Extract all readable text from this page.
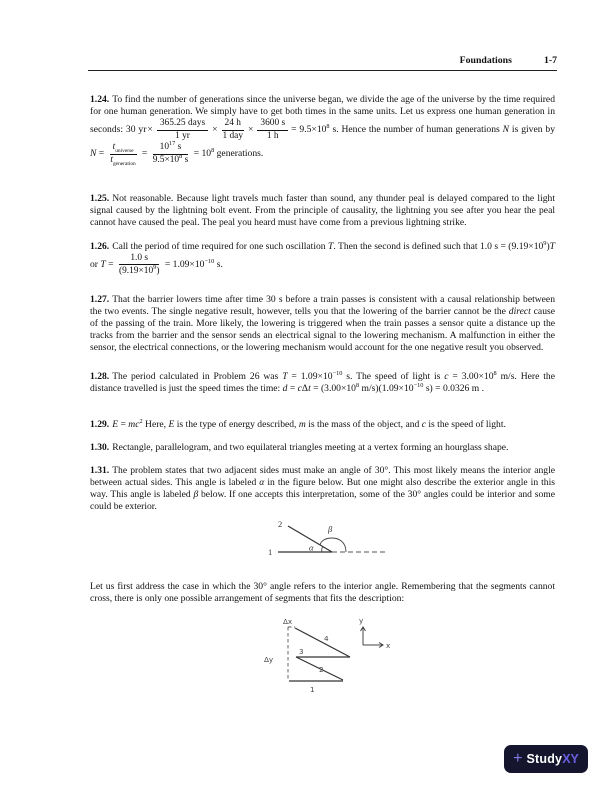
Foundations	1-7

1.24. To find the number of generations since the universe began, we divide the age of the universe by the time required for one human generation. We simply have to get both times in the same units. Let us express one human generation in seconds: 30 $yr\times \frac{\text{365.25 days}}{1 yr} \times \frac{24 h}{\text{1 day}} \times \frac{3600 s}{1 h} = 9.5\times 10^8$ s. Hence the number of human generations N is given by $N = \frac{t_{universe}}{t_{generation}} = \frac{10^{17} s}{9.5\times 10^8 s} = 10^8$ generations.

1.25. Not reasonable. Because light travels much faster than sound, any thunder peal is delayed compared to the light signal caused by the lightning bolt event. From the principle of causality, the lightning you see after you hear the peal cannot have caused the peal. The peal you heard must have come from a previous lightning strike.

1.26. Call the period of time required for one such oscillation T. Then the second is defined such that 1.0 $s = (9.19\times 10^9)T$ or $T = \frac{1.0 s}{(9.19\times 10^9)} = 1.09\times 10^{-10}$ s.

1.27. That the barrier lowers time after time 30 s before a train passes is consistent with a causal relationship between the two events. The single negative result, however, tells you that the lowering of the barrier cannot be the direct cause of the passing of the train. More likely, the lowering is triggered when the train passes a sensor quite a distance up the tracks from the barrier and the sensor sends an electrical signal to the lowering mechanism. A malfunction in either the sensor, the electrical connections, or the lowering mechanism would account for the one negative result you observed.

1.28. The period calculated in Problem 26 was $T = 1.09\times 10^{-10}$ s. The speed of light is $c = 3.00\times 10^8$ m/s. Here the distance travelled is just the speed times the time: $d = c\Delta t = (3.00\times 10^8$ $m/s)(1.09\times 10^{-10}$ s) = 0.0326 m .

1.29. $E = mc^2$ Here, E is the type of energy described, m is the mass of the object, and c is the speed of light.

1.30. Rectangle, parallelogram, and two equilateral triangles meeting at a vertex forming an hourglass shape.

1.31. The problem states that two adjacent sides must make an angle of 30°. This most likely means the interior angle between actual sides. This angle is labeled α in the figure below. But one might also describe the exterior angle in this way. This angle is labeled β below. If one accepts this interpretation, some of the 30° angles could be interior and some could be exterior.

2
1	α
β

Let us first address the case in which the 30° angle refers to the interior angle. Remembering that the segments cannot cross, there is only one possible arrangement of segments that fits the description:

Δx
Δy
4
3
2
1
y
x
+ Study XY
